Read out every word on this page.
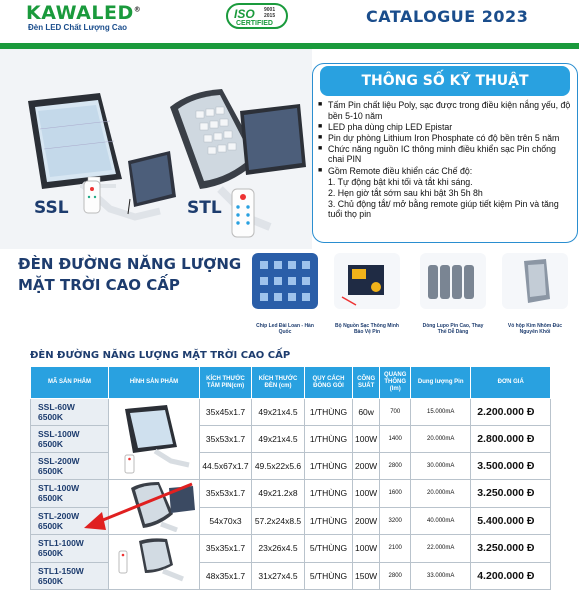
KAWALED®
Đèn LED Chất Lượng Cao
ISO 9001 2015
CERTIFIED	CATALOGUE 2023
SSL	STL
THÔNG SỐ KỸ THUẬT
■ Tấm Pin chất liệu Poly, sạc được trong điều kiện nắng yếu, độ bền 5-10 năm
■ LED pha dùng chip LED Epistar
■ Pin dự phòng Lithium Iron Phosphate có độ bền trên 5 năm
■ Chức năng nguồn IC thông minh điều khiển sạc Pin chống chai PIN
■ Gồm Remote điều khiển các Chế độ:
1. Tự động bật khi tối và tắt khi sáng.
2. Hẹn giờ tắt sớm sau khi bật 3h 5h 8h
3. Chủ động tắt/ mở bằng remote giúp tiết kiệm Pin và tăng tuổi thọ pin
ĐÈN ĐƯỜNG NĂNG LƯỢNG
MẶT TRỜI CAO CẤP
Chip Led Đài Loan - Hàn Quốc
Bộ Nguồn Sạc Thông Minh Bảo Vệ Pin
Dòng Lupo Pin Cao, Thay Thế Dễ Dàng
Vỏ hộp Kim Nhôm Đúc Nguyên Khối
ĐÈN ĐƯỜNG NĂNG LƯỢNG MẶT TRỜI CAO CẤP
MÃ SẢN PHẨM	HÌNH SẢN PHẨM	KÍCH THƯỚC TẤM PIN(cm)	KÍCH THƯỚC ĐÈN (cm)	QUY CÁCH ĐÓNG GÓI	CÔNG SUẤT	QUANG THÔNG (lm)	Dung lượng Pin	ĐƠN GIÁ

SSL-60W
6500K		35x45x1.7	49x21x4.5	1/THÙNG	60w	700	15.000mA	2.200.000 Đ

SSL-100W
6500K		35x53x1.7	49x21x4.5	1/THÙNG	100W	1400	20.000mA	2.800.000 Đ

SSL-200W
6500K		44.5x67x1.7	49.5x22x5.6	1/THÙNG	200W	2800	30.000mA	3.500.000 Đ

STL-100W
6500K		35x53x1.7	49x21.2x8	1/THÙNG	100W	1600	20.000mA	3.250.000 Đ

STL-200W
6500K		54x70x3	57.2x24x8.5	1/THÙNG	200W	3200	40.000mA	5.400.000 Đ

STL1-100W
6500K		35x35x1.7	23x26x4.5	5/THÙNG	100W	2100	22.000mA	3.250.000 Đ

STL1-150W
6500K		48x35x1.7	31x27x4.5	5/THÙNG	150W	2800	33.000mA	4.200.000 Đ
